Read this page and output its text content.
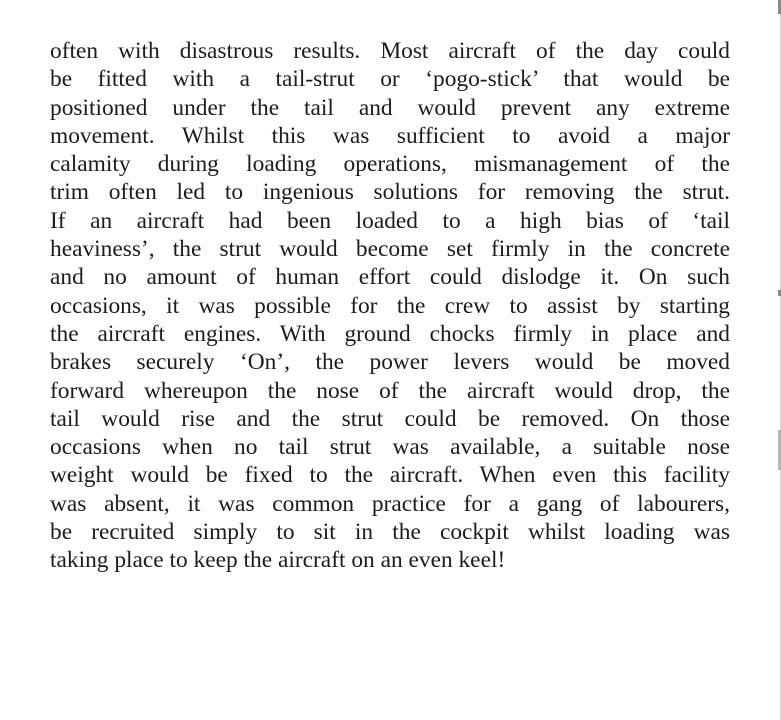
often with disastrous results. Most aircraft of the day could
be fitted with a tail-strut or ‘pogo-stick’ that would be
positioned under the tail and would prevent any extreme
movement. Whilst this was sufficient to avoid a major
calamity during loading operations, mismanagement of the
trim often led to ingenious solutions for removing the strut.
If an aircraft had been loaded to a high bias of ‘tail
heaviness’, the strut would become set firmly in the concrete
and no amount of human effort could dislodge it. On such
occasions, it was possible for the crew to assist by starting
the aircraft engines. With ground chocks firmly in place and
brakes securely ‘On’, the power levers would be moved
forward whereupon the nose of the aircraft would drop, the
tail would rise and the strut could be removed. On those
occasions when no tail strut was available, a suitable nose
weight would be fixed to the aircraft. When even this facility
was absent, it was common practice for a gang of labourers,
be recruited simply to sit in the cockpit whilst loading was
taking place to keep the aircraft on an even keel!
